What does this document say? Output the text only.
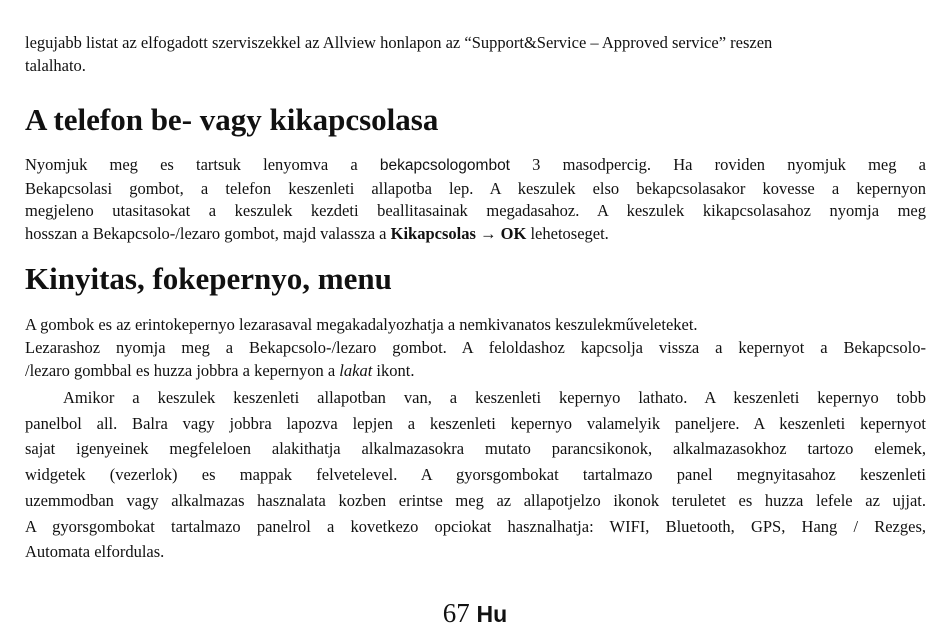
legujabb listat az elfogadott szerviszekkel az Allview honlapon az “Support&Service – Approved service” reszen
talalhato.
A telefon be- vagy kikapcsolasa
Nyomjuk meg es tartsuk lenyomva a bekapcsologombot 3 masodpercig. Ha roviden nyomjuk meg a
Bekapcsolasi gombot, a telefon keszenleti allapotba lep. A keszulek elso bekapcsolasakor kovesse a kepernyon
megjeleno utasitasokat a keszulek kezdeti beallitasainak megadasahoz. A keszulek kikapcsolasahoz nyomja meg
hosszan a Bekapcsolo-/lezaro gombot, majd valassza a Kikapcsolas → OK lehetoseget.
Kinyitas, fokepernyo, menu
A gombok es az erintokepernyo lezarasaval megakadalyozhatja a nemkivanatos keszulekműveleteket.
Lezarashoz nyomja meg a Bekapcsolo-/lezaro gombot. A feloldashoz kapcsolja vissza a kepernyot a Bekapcsolo-
/lezaro gombbal es huzza jobbra a kepernyon a lakat ikont.
Amikor a keszulek keszenleti allapotban van, a keszenleti kepernyo lathato. A keszenleti kepernyo tobb
panelbol all. Balra vagy jobbra lapozva lepjen a keszenleti kepernyo valamelyik paneljere. A keszenleti kepernyot
sajat igenyeinek megfeleloen alakithatja alkalmazasokra mutato parancsikonok, alkalmazasokhoz tartozo elemek,
widgetek (vezerlok) es mappak felvetelevel. A gyorsgombokat tartalmazo panel megnyitasahoz keszenleti
uzemmodban vagy alkalmazas hasznalata kozben erintse meg az allapotjelzo ikonok teruletet es huzza lefele az ujjat.
A gyorsgombokat tartalmazo panelrol a kovetkezo opciokat hasznalhatja: WIFI, Bluetooth, GPS, Hang / Rezges,
Automata elfordulas.
67 Hu
